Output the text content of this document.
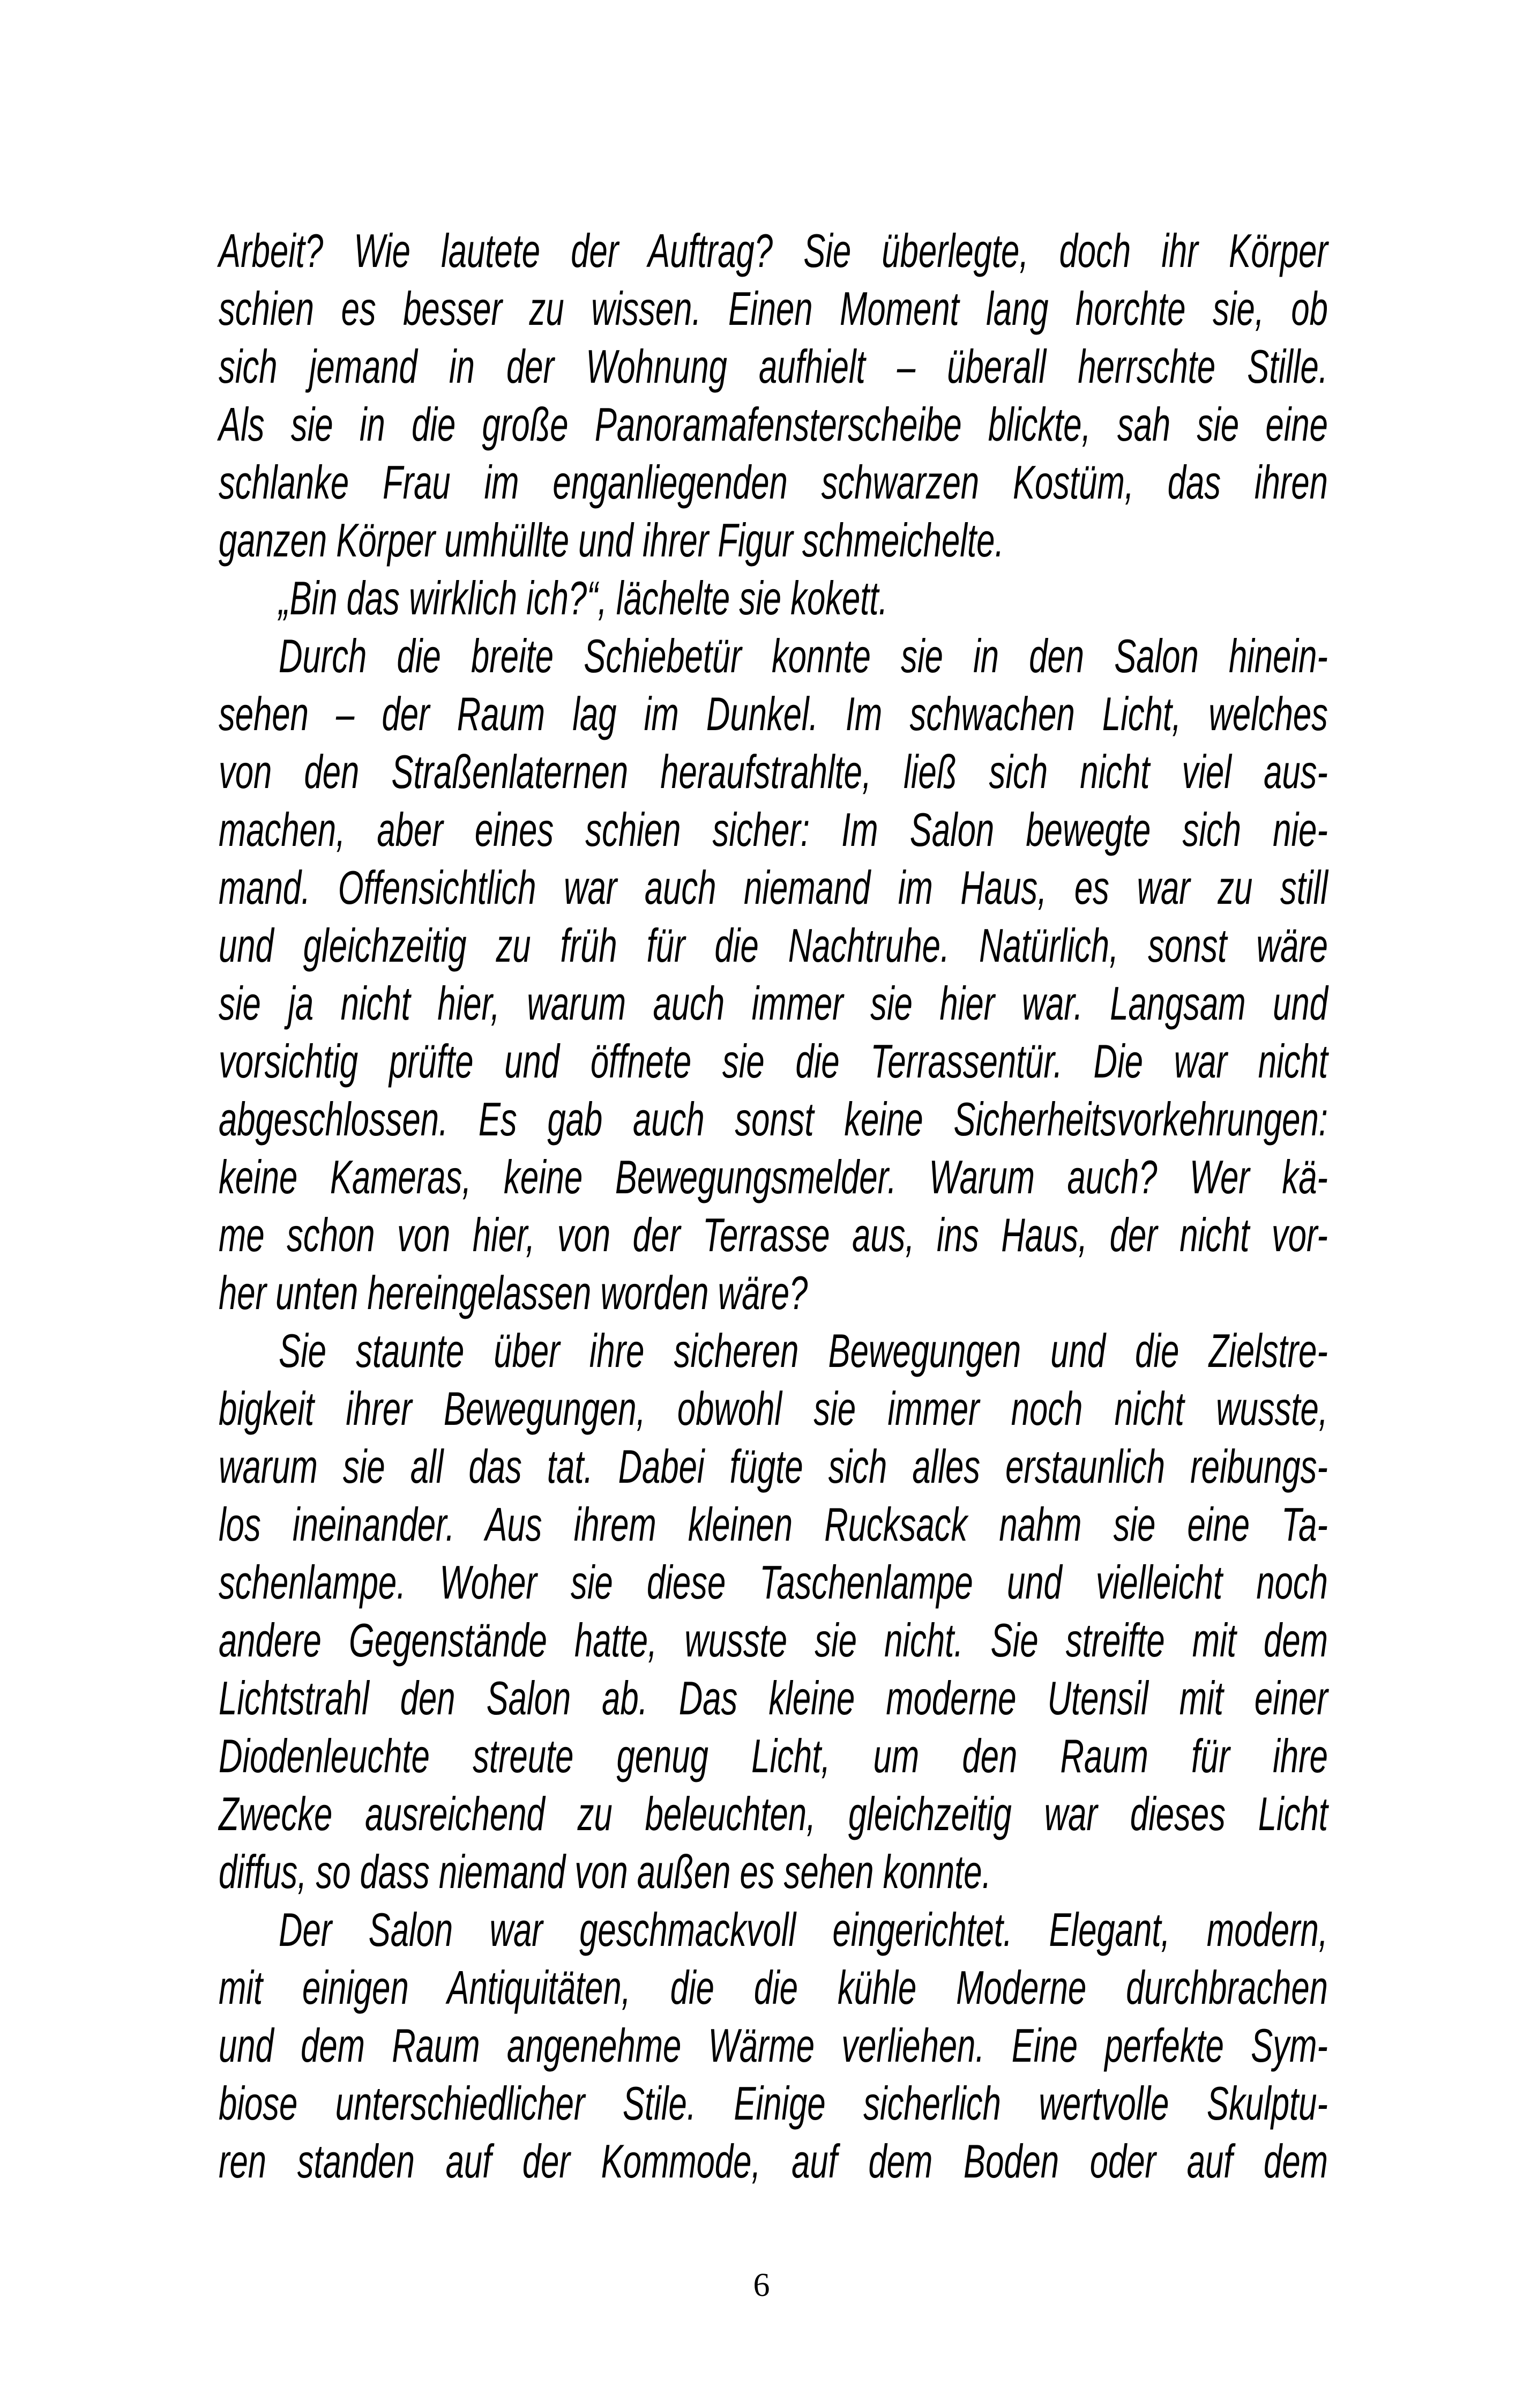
Arbeit? Wie lautete der Auftrag? Sie überlegte, doch ihr Körper
schien es besser zu wissen. Einen Moment lang horchte sie, ob
sich jemand in der Wohnung aufhielt – überall herrschte Stille.
Als sie in die große Panoramafensterscheibe blickte, sah sie eine
schlanke Frau im enganliegenden schwarzen Kostüm, das ihren
ganzen Körper umhüllte und ihrer Figur schmeichelte.
„Bin das wirklich ich?“, lächelte sie kokett.
Durch die breite Schiebetür konnte sie in den Salon hinein-
sehen – der Raum lag im Dunkel. Im schwachen Licht, welches
von den Straßenlaternen heraufstrahlte, ließ sich nicht viel aus-
machen, aber eines schien sicher: Im Salon bewegte sich nie-
mand. Offensichtlich war auch niemand im Haus, es war zu still
und gleichzeitig zu früh für die Nachtruhe. Natürlich, sonst wäre
sie ja nicht hier, warum auch immer sie hier war. Langsam und
vorsichtig prüfte und öffnete sie die Terrassentür. Die war nicht
abgeschlossen. Es gab auch sonst keine Sicherheitsvorkehrungen:
keine Kameras, keine Bewegungsmelder. Warum auch? Wer kä-
me schon von hier, von der Terrasse aus, ins Haus, der nicht vor-
her unten hereingelassen worden wäre?
Sie staunte über ihre sicheren Bewegungen und die Zielstre-
bigkeit ihrer Bewegungen, obwohl sie immer noch nicht wusste,
warum sie all das tat. Dabei fügte sich alles erstaunlich reibungs-
los ineinander. Aus ihrem kleinen Rucksack nahm sie eine Ta-
schenlampe. Woher sie diese Taschenlampe und vielleicht noch
andere Gegenstände hatte, wusste sie nicht. Sie streifte mit dem
Lichtstrahl den Salon ab. Das kleine moderne Utensil mit einer
Diodenleuchte streute genug Licht, um den Raum für ihre
Zwecke ausreichend zu beleuchten, gleichzeitig war dieses Licht
diffus, so dass niemand von außen es sehen konnte.
Der Salon war geschmackvoll eingerichtet. Elegant, modern,
mit einigen Antiquitäten, die die kühle Moderne durchbrachen
und dem Raum angenehme Wärme verliehen. Eine perfekte Sym-
biose unterschiedlicher Stile. Einige sicherlich wertvolle Skulptu-
ren standen auf der Kommode, auf dem Boden oder auf dem
6
